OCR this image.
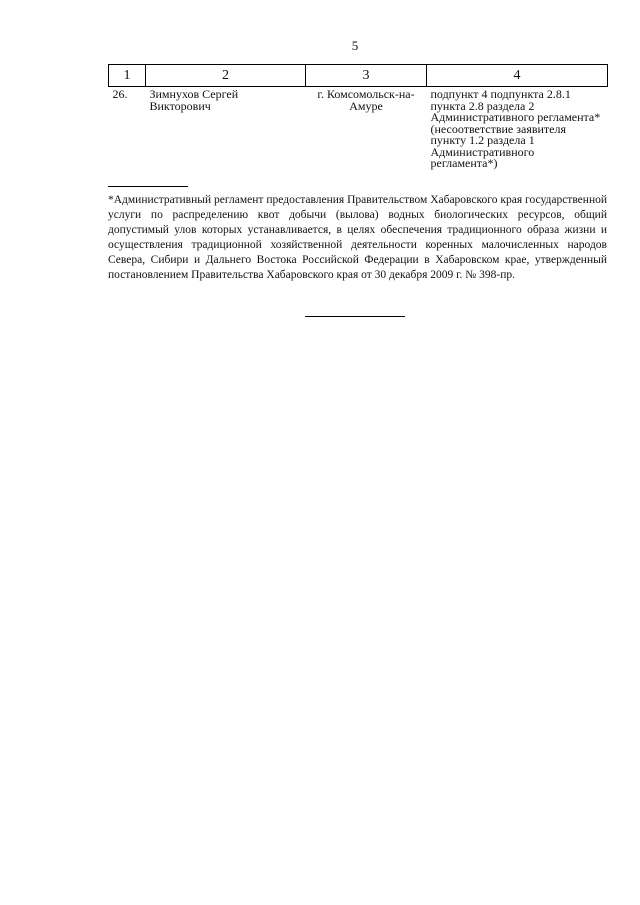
5
1	2	3	4
26.	Зимнухов Сергей Викторович	г. Комсомольск-на-Амуре	подпункт 4 подпункта 2.8.1 пункта 2.8 раздела 2 Административного регламента* (несоответствие заявителя пункту 1.2 раздела 1 Административного регламента*)
*Административный регламент предоставления Правительством Хабаровского края государственной услуги по распределению квот добычи (вылова) водных биологических ресурсов, общий допустимый улов которых устанавливается, в целях обеспечения традиционного образа жизни и осуществления традиционной хозяйственной деятельности коренных малочисленных народов Севера, Сибири и Дальнего Востока Российской Федерации в Хабаровском крае, утвержденный постановлением Правительства Хабаровского края от 30 декабря 2009 г. № 398-пр.
